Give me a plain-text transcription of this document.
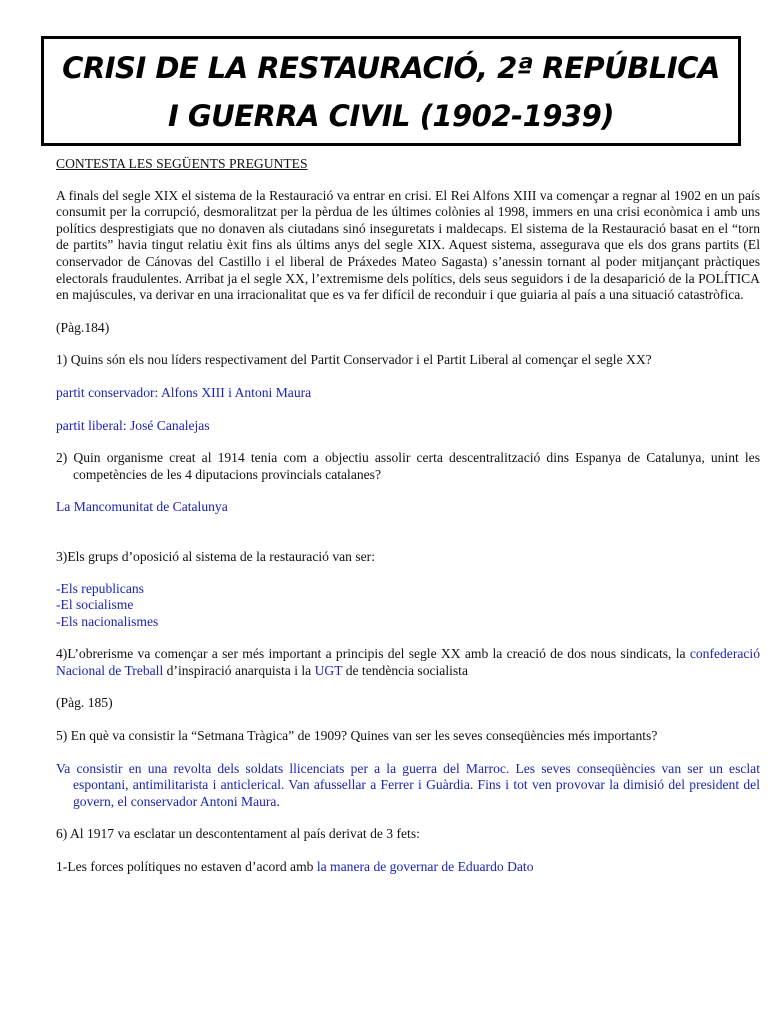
CRISI DE LA RESTAURACIÓ, 2ª REPÚBLICA
I GUERRA CIVIL (1902-1939)

CONTESTA LES SEGÜENTS PREGUNTES

A finals del segle XIX el sistema de la Restauració va entrar en crisi. El Rei Alfons XIII va començar a regnar al 1902 en un país consumit per la corrupció, desmoralitzat per la pèrdua de les últimes colònies al 1998, immers en una crisi econòmica i amb uns polítics desprestigiats que no donaven als ciutadans sinó inseguretats i maldecaps. El sistema de la Restauració basat en el “torn de partits” havia tingut relatiu èxit fins als últims anys del segle XIX. Aquest sistema, assegurava que els dos grans partits (El conservador de Cánovas del Castillo i el liberal de Práxedes Mateo Sagasta) s’anessin tornant al poder mitjançant pràctiques electorals fraudulentes. Arribat ja el segle XX, l’extremisme dels polítics, dels seus seguidors i de la desaparició de la POLÍTICA en majúscules, va derivar en una irracionalitat que es va fer difícil de reconduir i que guiaria al país a una situació catastròfica.

(Pàg.184)

1) Quins són els nou líders respectivament del Partit Conservador i el Partit Liberal al començar el segle XX?

partit conservador: Alfons XIII i Antoni Maura

partit liberal: José Canalejas

2) Quin organisme creat al 1914 tenia com a objectiu assolir certa descentralització dins Espanya de Catalunya, unint les competències de les 4 diputacions provincials catalanes?

La Mancomunitat de Catalunya

3)Els grups d’oposició al sistema de la restauració van ser:

-Els republicans
-El socialisme
-Els nacionalismes

4)L’obrerisme va començar a ser més important a principis del segle XX amb la creació de dos nous sindicats, la confederació Nacional de Treball d’inspiració anarquista i la UGT de tendència socialista

(Pàg. 185)

5) En què va consistir la “Setmana Tràgica” de 1909? Quines van ser les seves conseqüències més importants?

Va consistir en una revolta dels soldats llicenciats per a la guerra del Marroc. Les seves conseqüències van ser un esclat espontani, antimilitarista i anticlerical. Van afussellar a Ferrer i Guàrdia. Fins i tot ven provovar la dimisió del president del govern, el conservador Antoni Maura.

6) Al 1917 va esclatar un descontentament al país derivat de 3 fets:

1-Les forces polítiques no estaven d’acord amb la manera de governar de Eduardo Dato
